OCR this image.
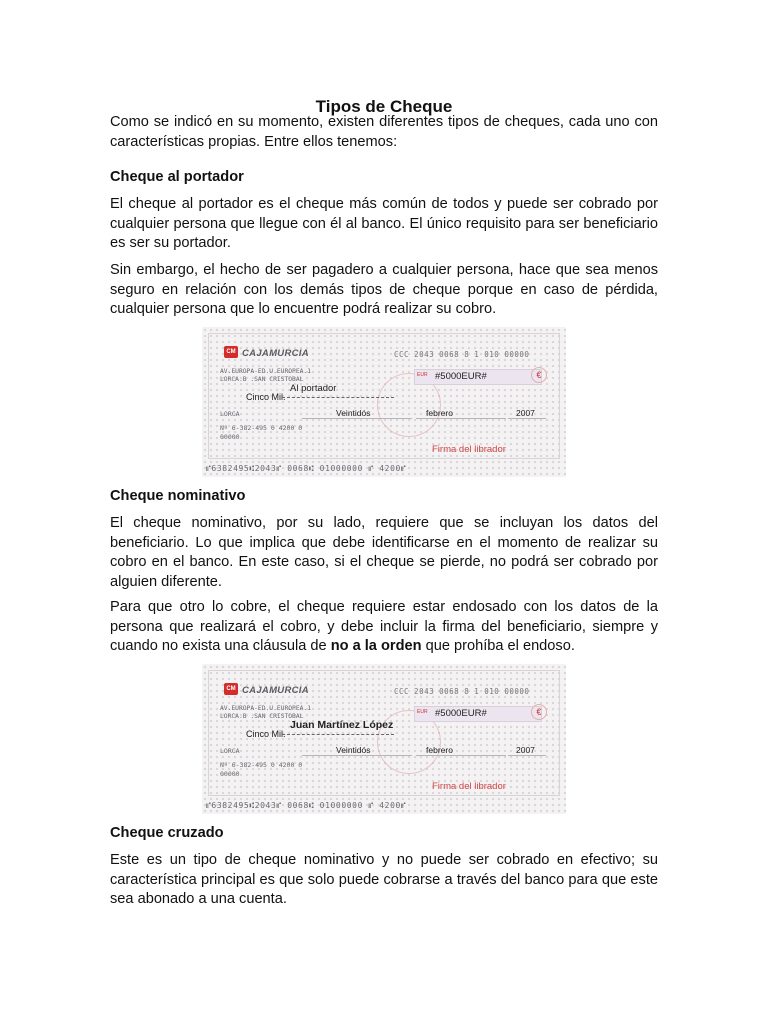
Tipos de Cheque

Como se indicó en su momento, existen diferentes tipos de cheques, cada uno con características propias. Entre ellos tenemos:

Cheque al portador

El cheque al portador es el cheque más común de todos y puede ser cobrado por cualquier persona que llegue con él al banco. El único requisito para ser beneficiario es ser su portador.

Sin embargo, el hecho de ser pagadero a cualquier persona, hace que sea menos seguro en relación con los demás tipos de cheque porque en caso de pérdida, cualquier persona que lo encuentre podrá realizar su cobro.

Cheque nominativo

El cheque nominativo, por su lado, requiere que se incluyan los datos del beneficiario. Lo que implica que debe identificarse en el momento de realizar su cobro en el banco. En este caso, si el cheque se pierde, no podrá ser cobrado por alguien diferente.

Para que otro lo cobre, el cheque requiere estar endosado con los datos de la persona que realizará el cobro, y debe incluir la firma del beneficiario, siempre y cuando no exista una cláusula de no a la orden que prohíba el endoso.

Cheque cruzado

Este es un tipo de cheque nominativo y no puede ser cobrado en efectivo; su característica principal es que solo puede cobrarse a través del banco para que este sea abonado a una cuenta.

CM CAJAMURCIA	CCC 2043 0068 8 1 010 00000
AV.EUROPA-ED.U.EUROPEA.1
LORCA.B .SAN CRISTOBAL
EUR #5000EUR#	€
Al portador
Cinco Mil.
LORCA	Veintidós	febrero	2007
Nº 6-382-495 0 4200 0
00000
Firma del librador
⑈6382495⑆2043⑈ 0068⑆ 01000000 ⑈ 4200⑈
CM CAJAMURCIA	CCC 2043 0068 8 1 010 00000
AV.EUROPA-ED.U.EUROPEA.1
LORCA.B .SAN CRISTOBAL
EUR #5000EUR#	€
Juan Martínez López
Cinco Mil.
LORCA	Veintidós	febrero	2007
Nº 6-382-495 0 4200 0
00000
Firma del librador
⑈6382495⑆2043⑈ 0068⑆ 01000000 ⑈ 4200⑈
